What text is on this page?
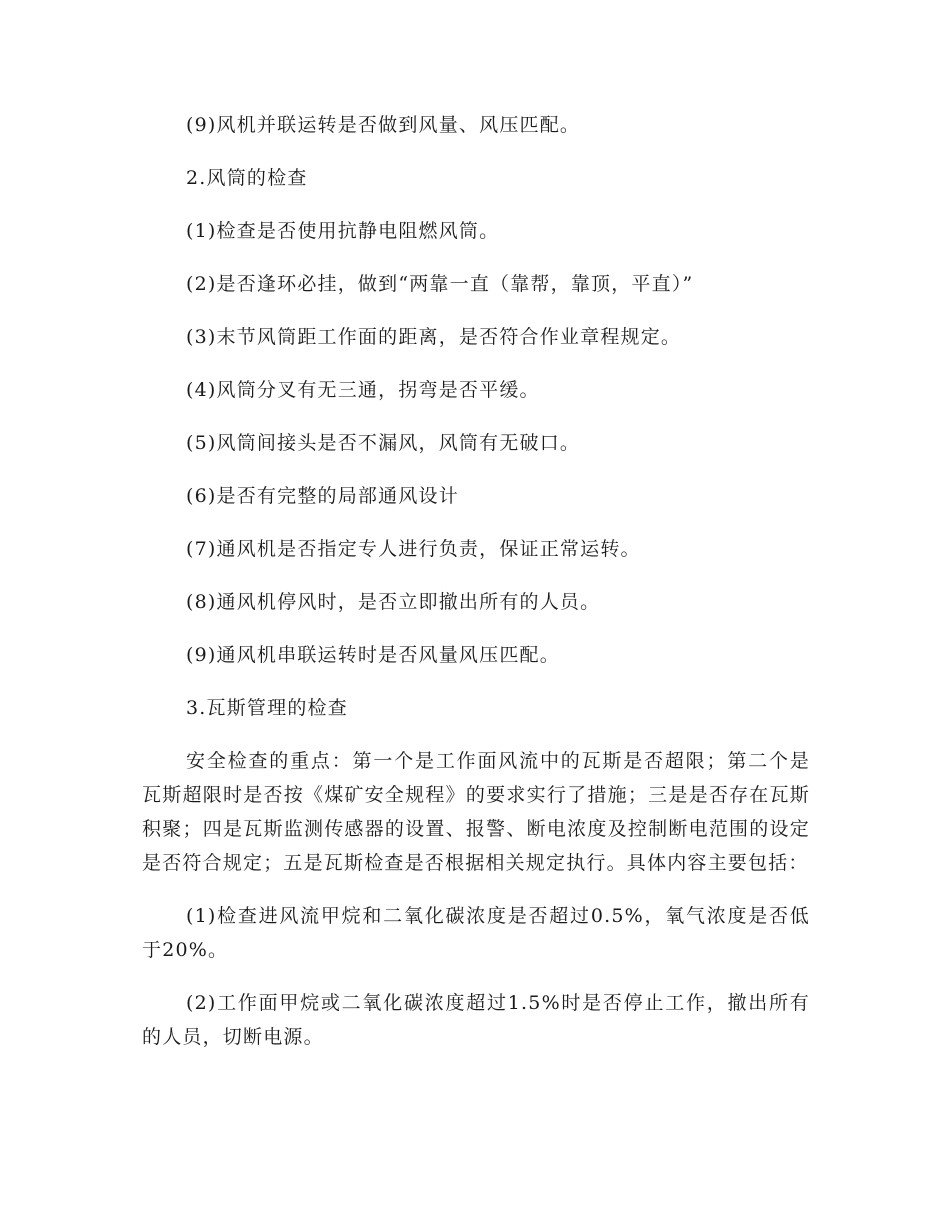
(9)风机并联运转是否做到风量、风压匹配。

2.风筒的检查

(1)检查是否使用抗静电阻燃风筒。

(2)是否逢环必挂，做到“两靠一直（靠帮，靠顶，平直）”

(3)末节风筒距工作面的距离，是否符合作业章程规定。

(4)风筒分叉有无三通，拐弯是否平缓。

(5)风筒间接头是否不漏风，风筒有无破口。

(6)是否有完整的局部通风设计

(7)通风机是否指定专人进行负责，保证正常运转。

(8)通风机停风时，是否立即撤出所有的人员。

(9)通风机串联运转时是否风量风压匹配。

3.瓦斯管理的检查

安全检查的重点：第一个是工作面风流中的瓦斯是否超限；第二个是瓦斯超限时是否按《煤矿安全规程》的要求实行了措施；三是是否存在瓦斯积聚；四是瓦斯监测传感器的设置、报警、断电浓度及控制断电范围的设定是否符合规定；五是瓦斯检查是否根据相关规定执行。具体内容主要包括：

(1)检查进风流甲烷和二氧化碳浓度是否超过0.5%，氧气浓度是否低于20%。

(2)工作面甲烷或二氧化碳浓度超过1.5%时是否停止工作，撤出所有的人员，切断电源。
